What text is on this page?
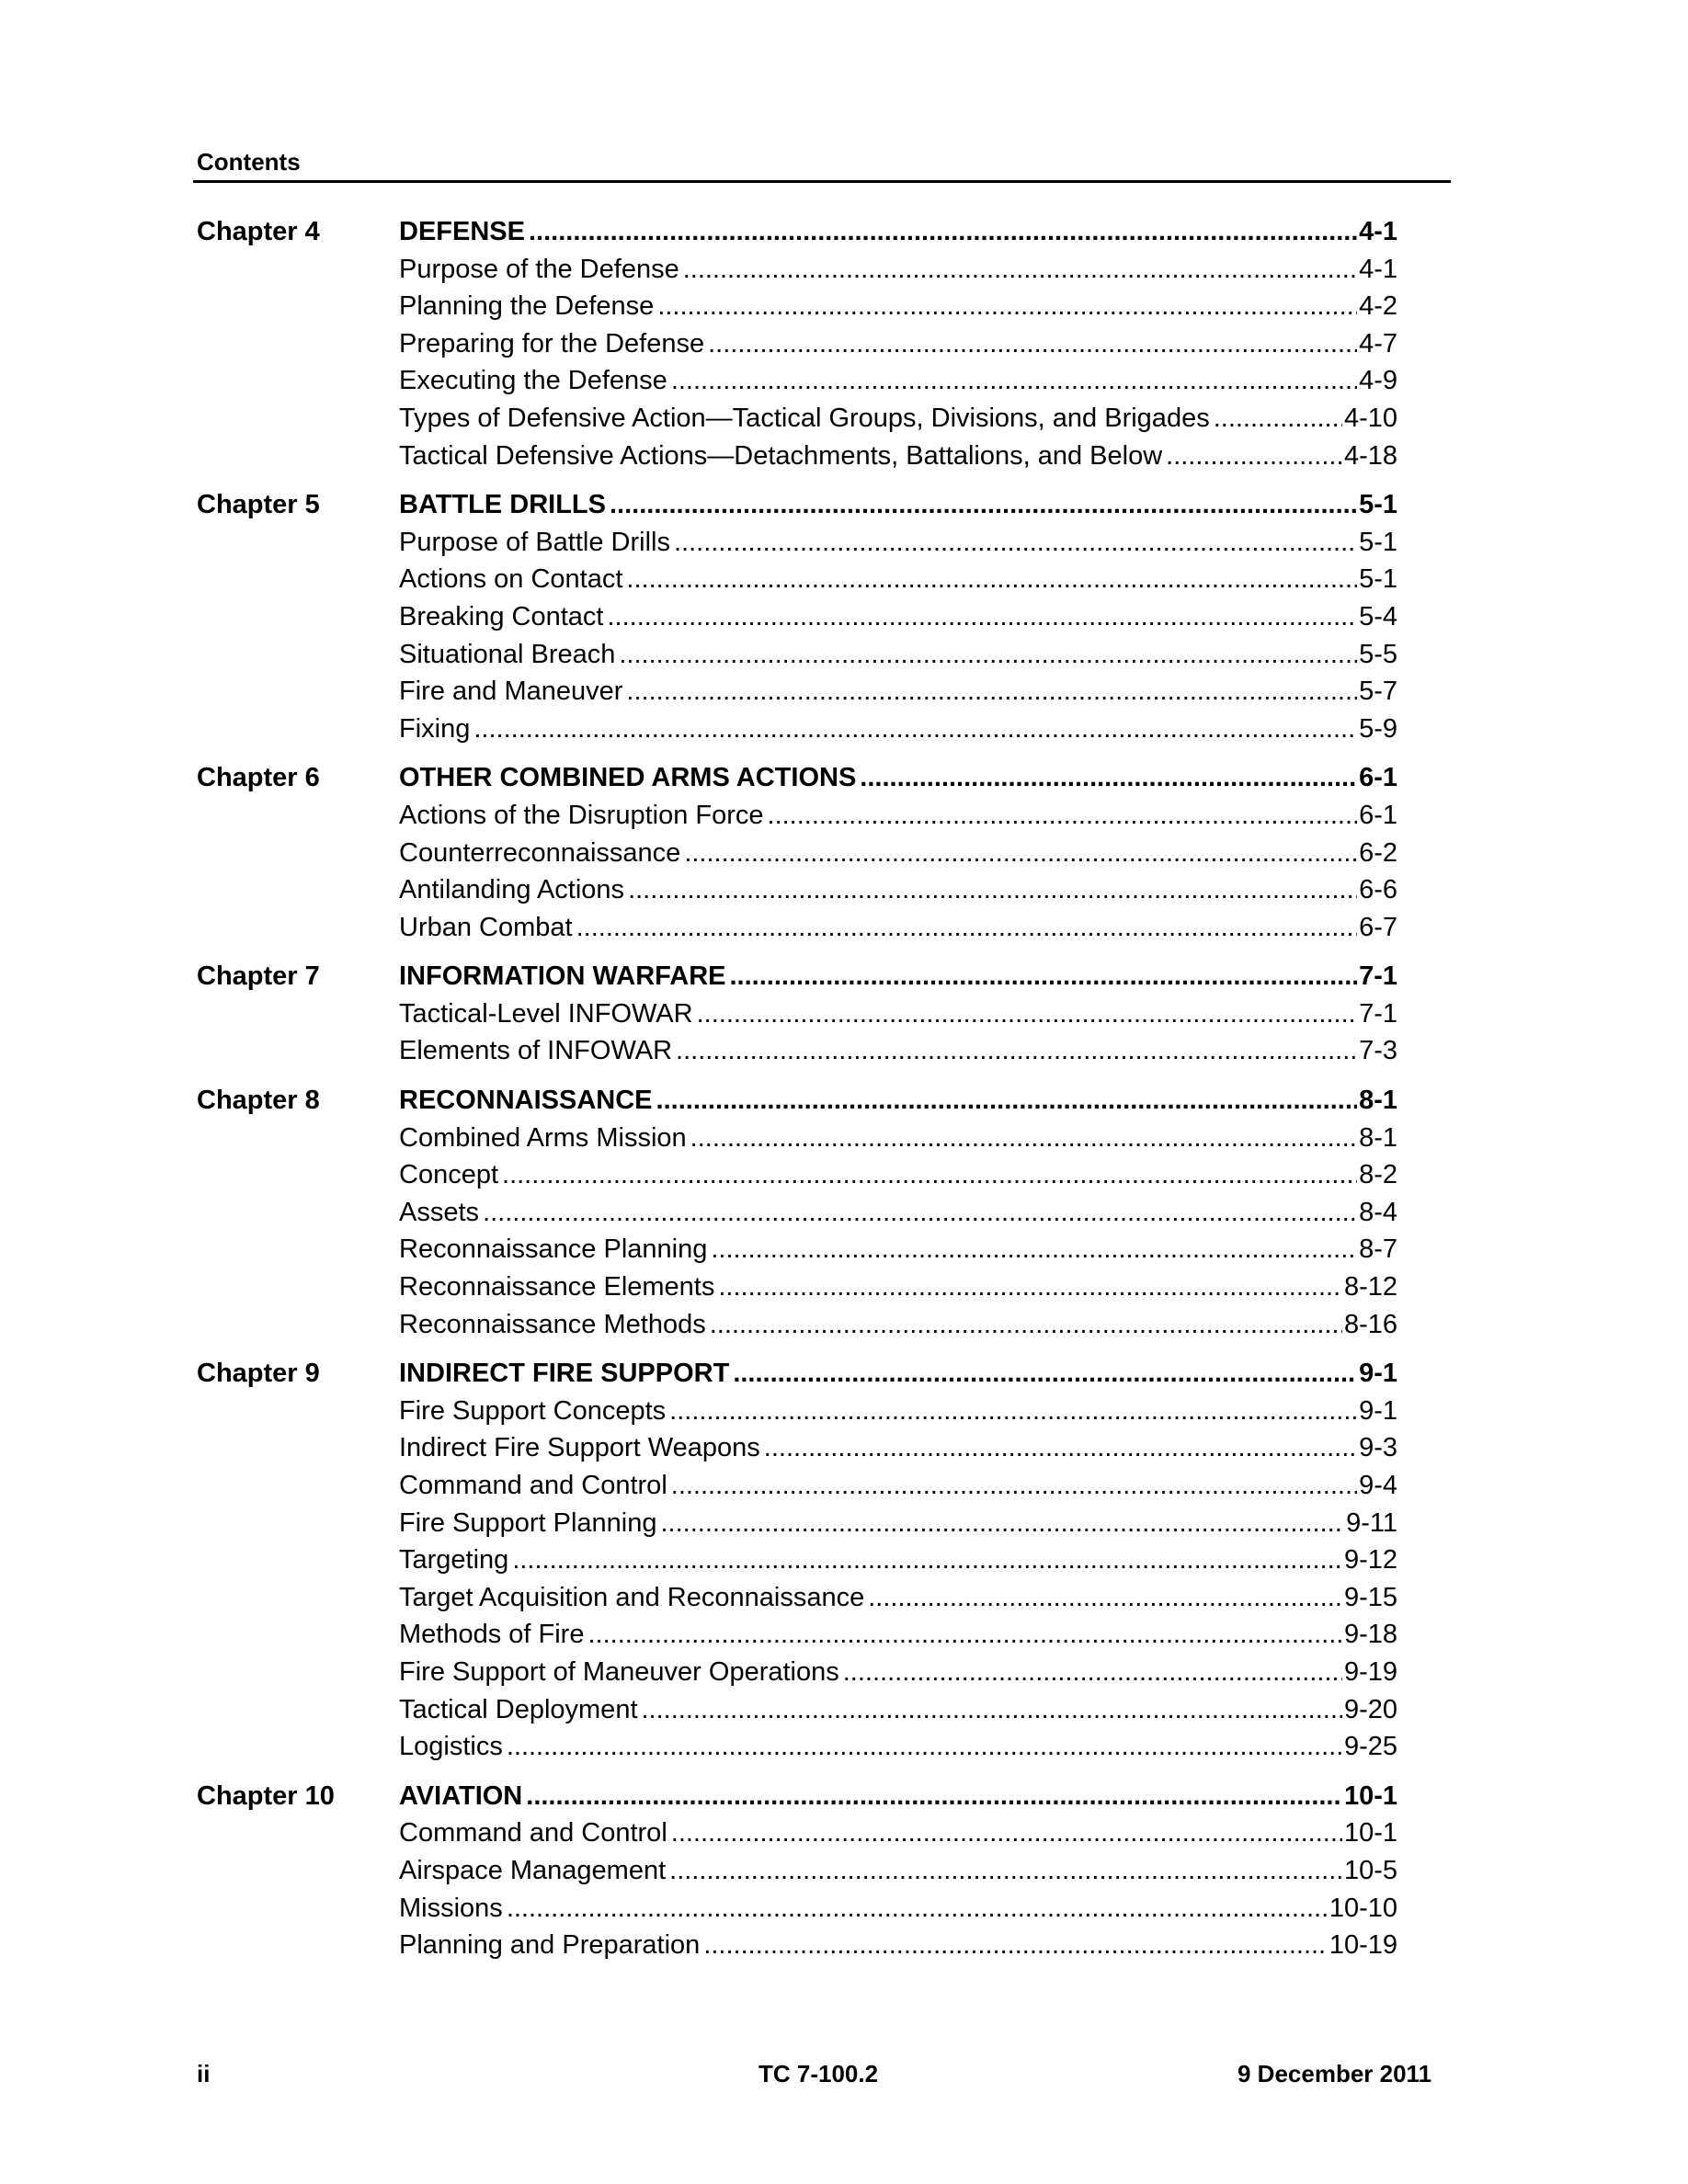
Contents
Chapter 4	DEFENSE .....	4-1
Purpose of the Defense .....	4-1
Planning the Defense .....	4-2
Preparing for the Defense .....	4-7
Executing the Defense .....	4-9
Types of Defensive Action—Tactical Groups, Divisions, and Brigades .....	4-10
Tactical Defensive Actions—Detachments, Battalions, and Below .....	4-18
Chapter 5	BATTLE DRILLS .....	5-1
Purpose of Battle Drills .....	5-1
Actions on Contact .....	5-1
Breaking Contact .....	5-4
Situational Breach .....	5-5
Fire and Maneuver .....	5-7
Fixing .....	5-9
Chapter 6	OTHER COMBINED ARMS ACTIONS .....	6-1
Actions of the Disruption Force .....	6-1
Counterreconnaissance .....	6-2
Antilanding Actions .....	6-6
Urban Combat .....	6-7
Chapter 7	INFORMATION WARFARE .....	7-1
Tactical-Level INFOWAR .....	7-1
Elements of INFOWAR .....	7-3
Chapter 8	RECONNAISSANCE .....	8-1
Combined Arms Mission .....	8-1
Concept .....	8-2
Assets .....	8-4
Reconnaissance Planning .....	8-7
Reconnaissance Elements .....	8-12
Reconnaissance Methods .....	8-16
Chapter 9	INDIRECT FIRE SUPPORT .....	9-1
Fire Support Concepts .....	9-1
Indirect Fire Support Weapons .....	9-3
Command and Control .....	9-4
Fire Support Planning .....	9-11
Targeting .....	9-12
Target Acquisition and Reconnaissance .....	9-15
Methods of Fire .....	9-18
Fire Support of Maneuver Operations .....	9-19
Tactical Deployment .....	9-20
Logistics .....	9-25
Chapter 10 AVIATION .....	10-1
Command and Control .....	10-1
Airspace Management .....	10-5
Missions .....	10-10
Planning and Preparation .....	10-19
ii	TC 7-100.2	9 December 2011
